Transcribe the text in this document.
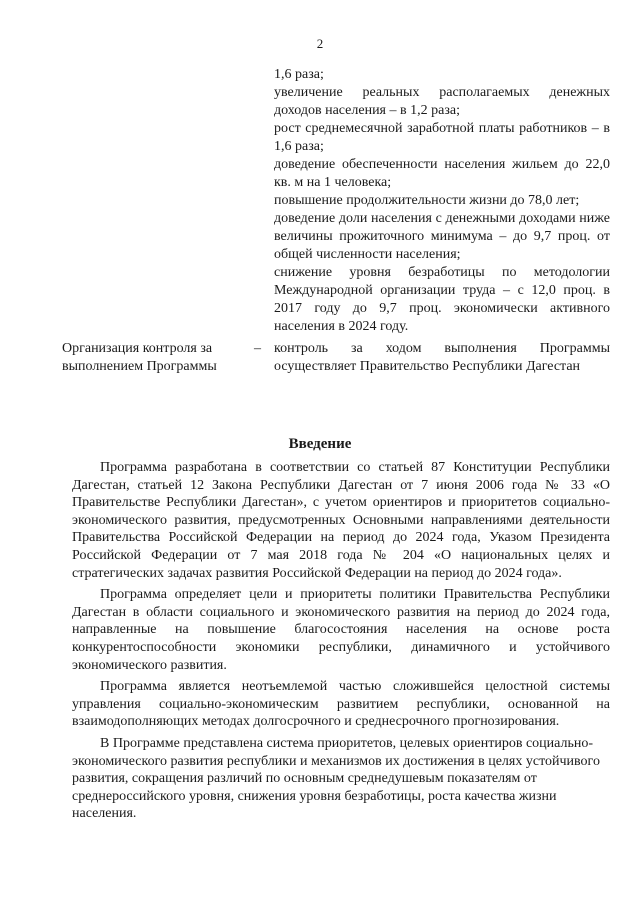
2

1,6 раза;

увеличение реальных располагаемых денежных доходов населения – в 1,2 раза;

рост среднемесячной заработной платы работников – в 1,6 раза;

доведение обеспеченности населения жильем до 22,0 кв. м на 1 человека;

повышение продолжительности жизни до 78,0 лет;

доведение доли населения с денежными доходами ниже величины прожиточного минимума – до 9,7 проц. от общей численности населения;

снижение уровня безработицы по методологии Международной организации труда – с 12,0 проц. в 2017 году до 9,7 проц. экономически активного населения в 2024 году.

Организация контроля за выполнением Программы
– контроль за ходом выполнения Программы осуществляет Правительство Республики Дагестан
Введение

Программа разработана в соответствии со статьей 87 Конституции Республики Дагестан, статьей 12 Закона Республики Дагестан от 7 июня 2006 года № 33 «О Правительстве Республики Дагестан», с учетом ориентиров и приоритетов социально-экономического развития, предусмотренных Основными направлениями деятельности Правительства Российской Федерации на период до 2024 года, Указом Президента Российской Федерации от 7 мая 2018 года № 204 «О национальных целях и стратегических задачах развития Российской Федерации на период до 2024 года».

Программа определяет цели и приоритеты политики Правительства Республики Дагестан в области социального и экономического развития на период до 2024 года, направленные на повышение благосостояния населения на основе роста конкурентоспособности экономики республики, динамичного и устойчивого экономического развития.

Программа является неотъемлемой частью сложившейся целостной системы управления социально-экономическим развитием республики, основанной на взаимодополняющих методах долгосрочного и среднесрочного прогнозирования.

В Программе представлена система приоритетов, целевых ориентиров социально-экономического развития республики и механизмов их достижения в целях устойчивого развития, сокращения различий по основным среднедушевым показателям от среднероссийского уровня, снижения уровня безработицы, роста качества жизни населения.
